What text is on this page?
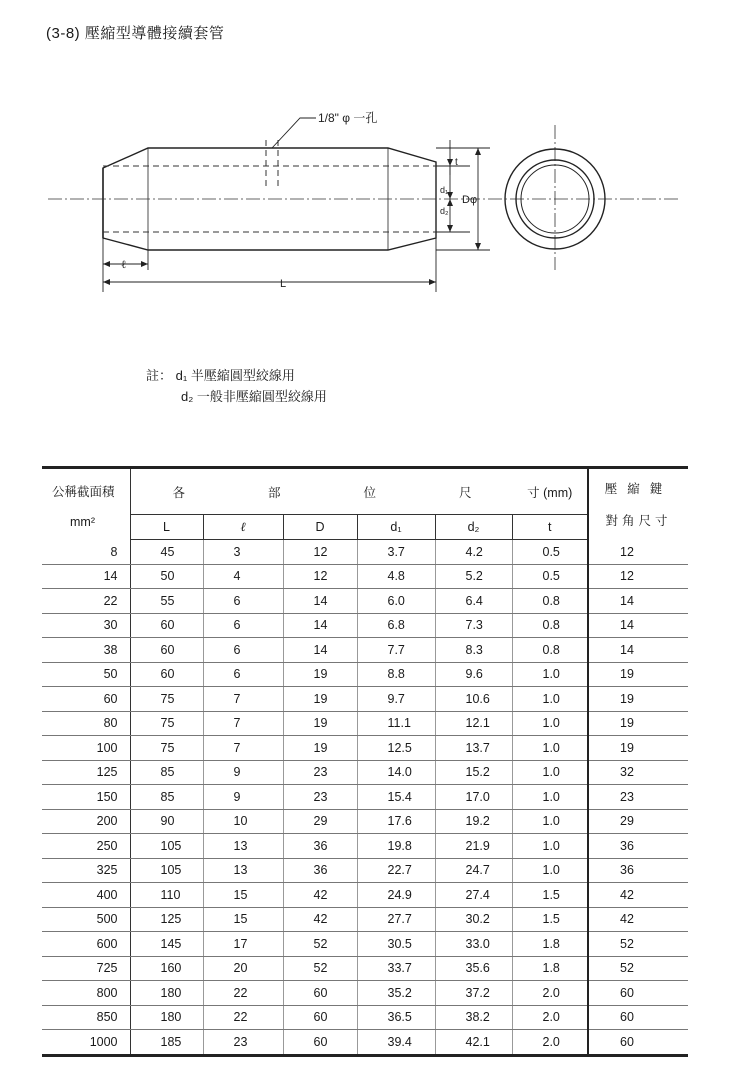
(3-8) 壓縮型導體接續套管
1/8" φ 一孔
t
d₁
d₂
Dφ
ℓ
L
註： d₁ 半壓縮圓型絞線用
d₂ 一般非壓縮圓型絞線用
公稱截面積
mm²	各 部 位 尺 寸 (mm)						壓縮鍵
對角尺寸

	L	ℓ	D	d₁	d₂	t	
8	45	3	12	3.7	4.2	0.5	12
14	50	4	12	4.8	5.2	0.5	12
22	55	6	14	6.0	6.4	0.8	14
30	60	6	14	6.8	7.3	0.8	14
38	60	6	14	7.7	8.3	0.8	14
50	60	6	19	8.8	9.6	1.0	19
60	75	7	19	9.7	10.6	1.0	19
80	75	7	19	11.1	12.1	1.0	19
100	75	7	19	12.5	13.7	1.0	19
125	85	9	23	14.0	15.2	1.0	32
150	85	9	23	15.4	17.0	1.0	23
200	90	10	29	17.6	19.2	1.0	29
250	105	13	36	19.8	21.9	1.0	36
325	105	13	36	22.7	24.7	1.0	36
400	110	15	42	24.9	27.4	1.5	42
500	125	15	42	27.7	30.2	1.5	42
600	145	17	52	30.5	33.0	1.8	52
725	160	20	52	33.7	35.6	1.8	52
800	180	22	60	35.2	37.2	2.0	60
850	180	22	60	36.5	38.2	2.0	60
1000	185	23	60	39.4	42.1	2.0	60
